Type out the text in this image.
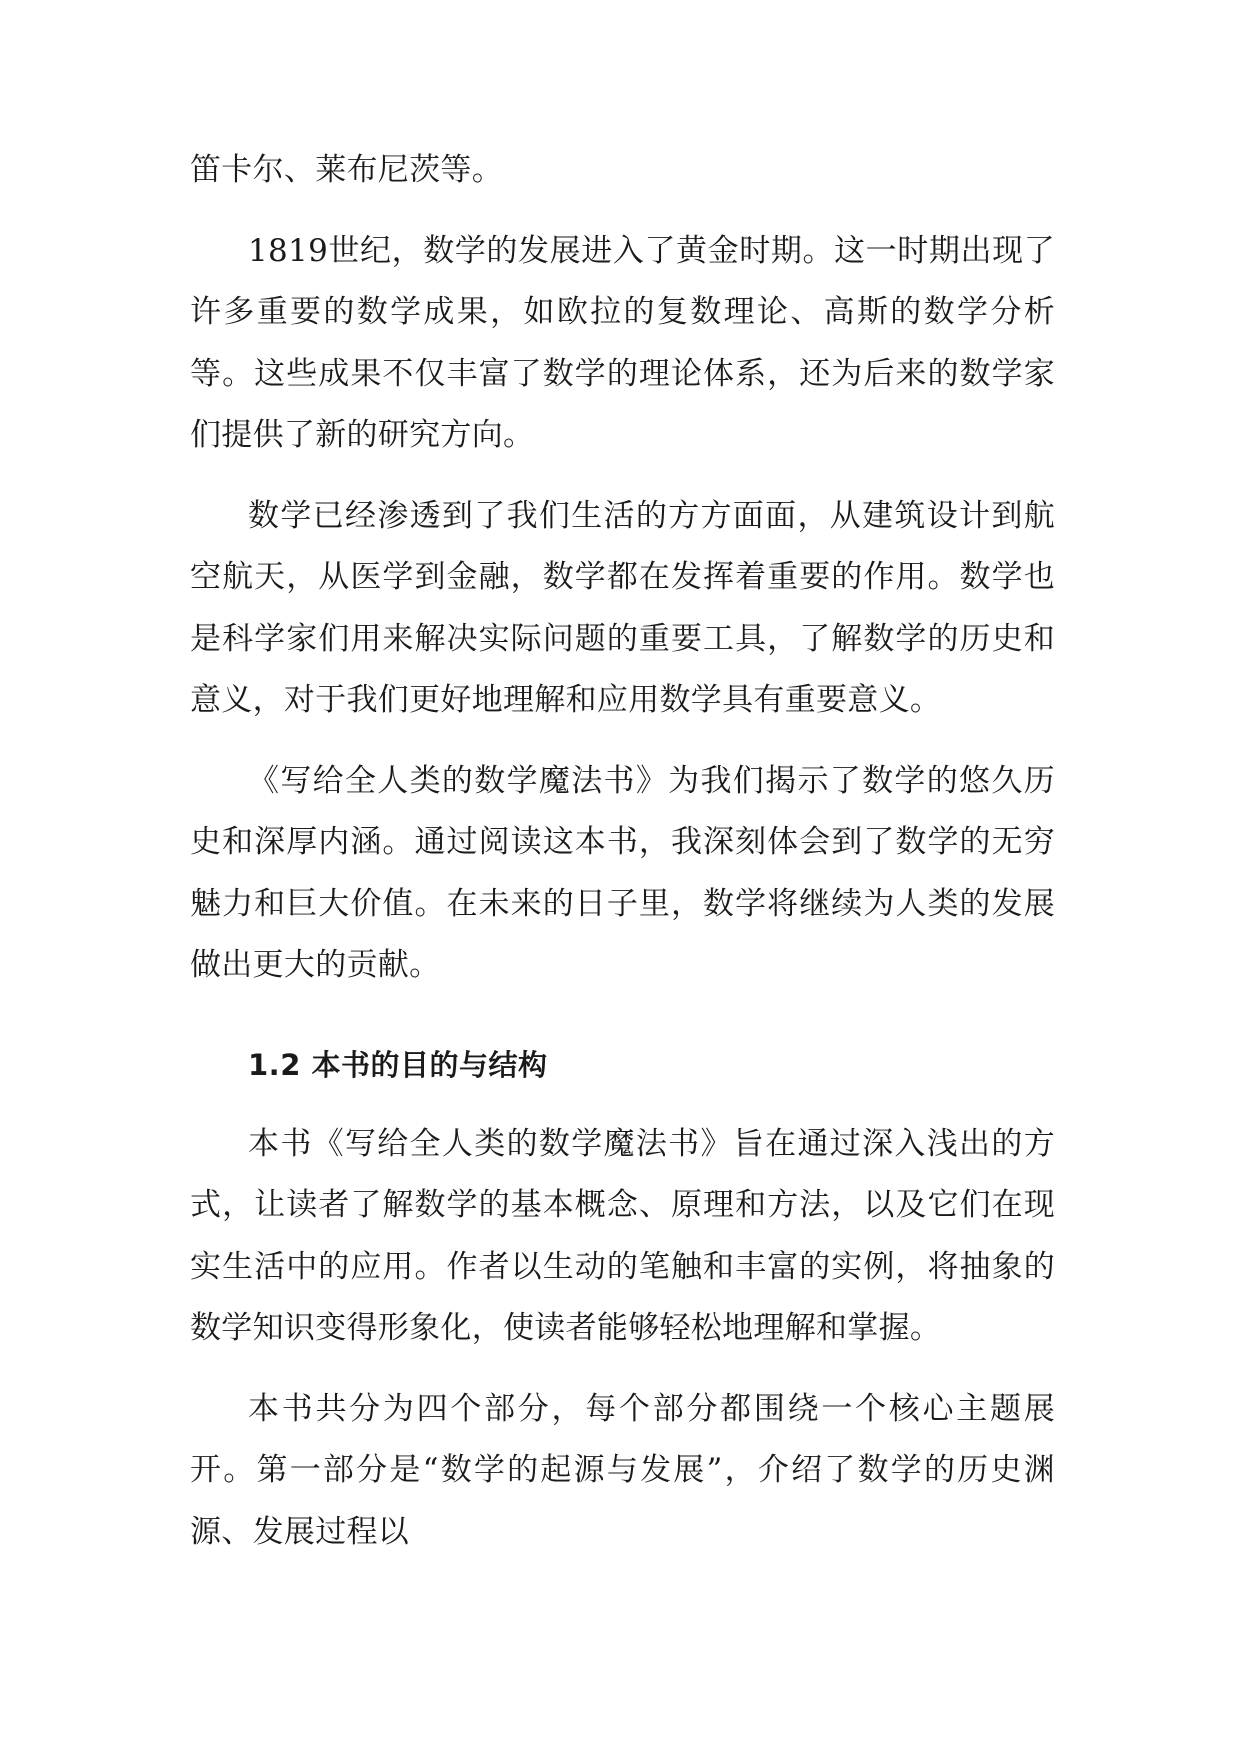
笛卡尔、莱布尼茨等。

1819世纪，数学的发展进入了黄金时期。这一时期出现了许多重要的数学成果，如欧拉的复数理论、高斯的数学分析等。这些成果不仅丰富了数学的理论体系，还为后来的数学家们提供了新的研究方向。

数学已经渗透到了我们生活的方方面面，从建筑设计到航空航天，从医学到金融，数学都在发挥着重要的作用。数学也是科学家们用来解决实际问题的重要工具，了解数学的历史和意义，对于我们更好地理解和应用数学具有重要意义。

《写给全人类的数学魔法书》为我们揭示了数学的悠久历史和深厚内涵。通过阅读这本书，我深刻体会到了数学的无穷魅力和巨大价值。在未来的日子里，数学将继续为人类的发展做出更大的贡献。

1.2 本书的目的与结构

本书《写给全人类的数学魔法书》旨在通过深入浅出的方式，让读者了解数学的基本概念、原理和方法，以及它们在现实生活中的应用。作者以生动的笔触和丰富的实例，将抽象的数学知识变得形象化，使读者能够轻松地理解和掌握。

本书共分为四个部分，每个部分都围绕一个核心主题展开。第一部分是“数学的起源与发展”，介绍了数学的历史渊源、发展过程以
